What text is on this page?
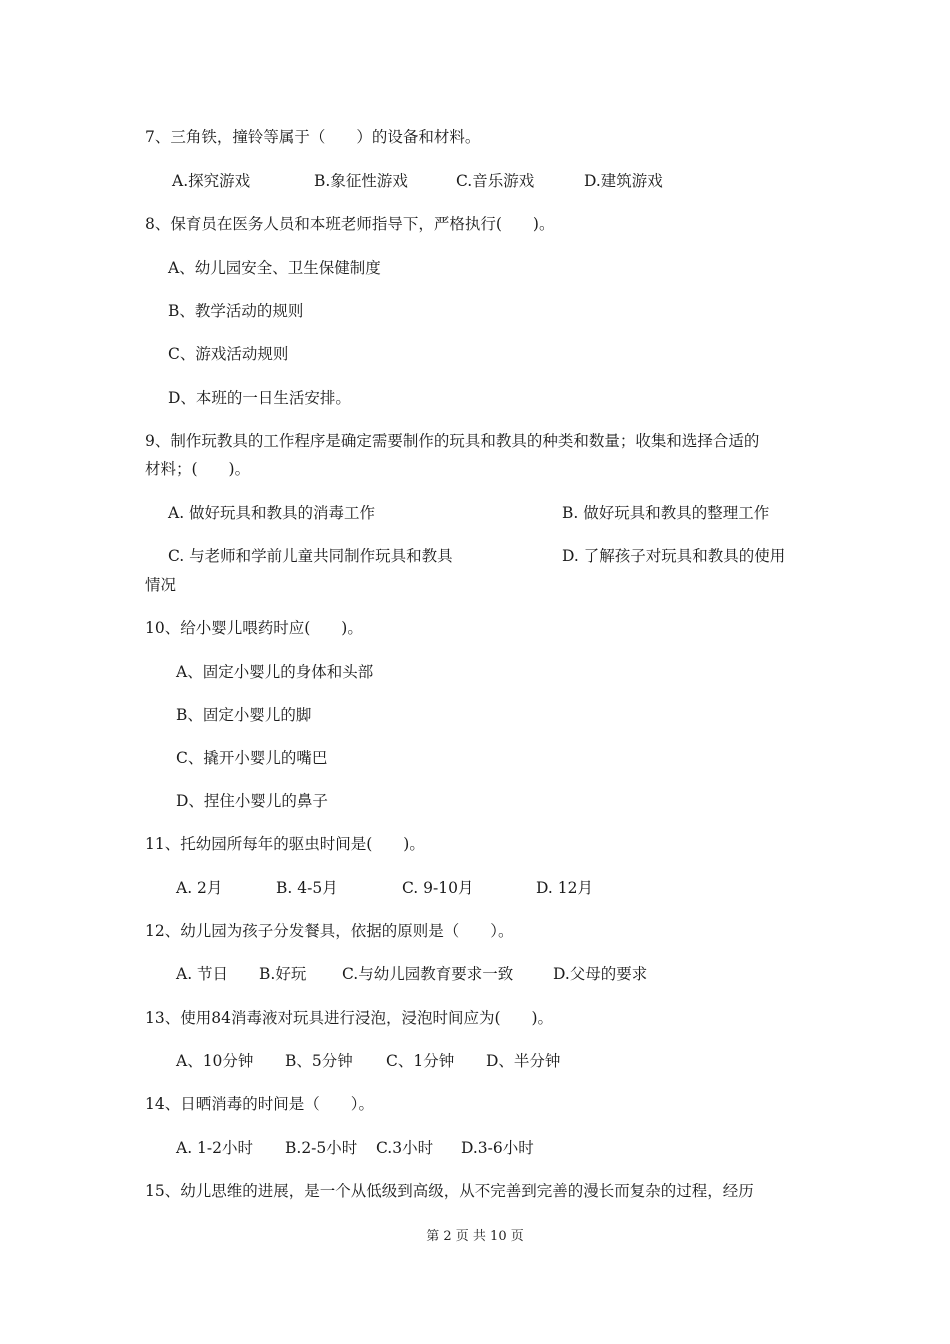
7、三角铁，撞铃等属于（　　）的设备和材料。
A.探究游戏	B.象征性游戏	C.音乐游戏	D.建筑游戏
8、保育员在医务人员和本班老师指导下，严格执行(　　)。
A、幼儿园安全、卫生保健制度
B、教学活动的规则
C、游戏活动规则
D、本班的一日生活安排。
9、制作玩教具的工作程序是确定需要制作的玩具和教具的种类和数量；收集和选择合适的
材料；(　　)。
A. 做好玩具和教具的消毒工作	B. 做好玩具和教具的整理工作
C. 与老师和学前儿童共同制作玩具和教具	D. 了解孩子对玩具和教具的使用
情况
10、给小婴儿喂药时应(　　)。
A、固定小婴儿的身体和头部
B、固定小婴儿的脚
C、撬开小婴儿的嘴巴
D、捏住小婴儿的鼻子
11、托幼园所每年的驱虫时间是(　　)。
A. 2月	B. 4-5月	C. 9-10月	D. 12月
12、幼儿园为孩子分发餐具，依据的原则是（　　）。
A. 节日 B.好玩 C.与幼儿园教育要求一致	D.父母的要求
13、使用84消毒液对玩具进行浸泡，浸泡时间应为(　　)。
A、10分钟 B、5分钟 C、1分钟 D、半分钟
14、日晒消毒的时间是（　　）。
A. 1-2小时 B.2-5小时 C.3小时 D.3-6小时
15、幼儿思维的进展，是一个从低级到高级，从不完善到完善的漫长而复杂的过程，经历
第 2 页 共 10 页
